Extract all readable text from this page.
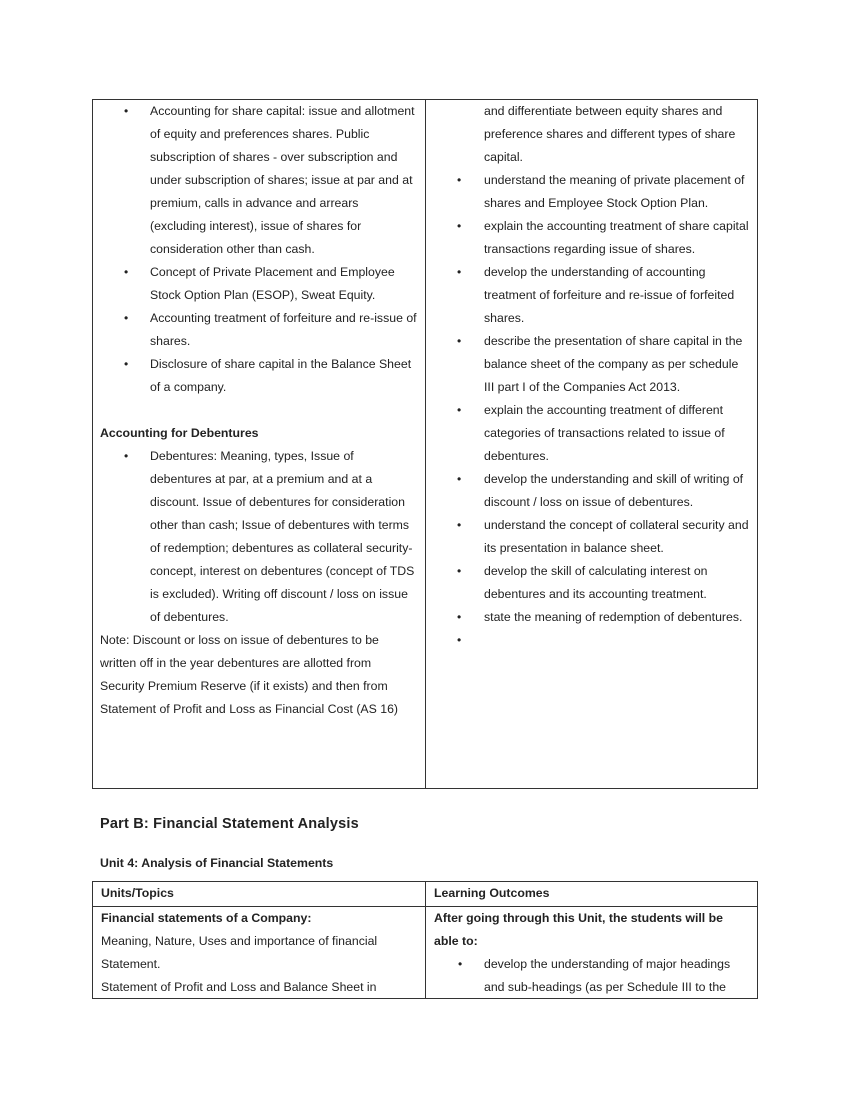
• Accounting for share capital: issue and allotment of equity and preferences shares. Public subscription of shares - over subscription and under subscription of shares; issue at par and at premium, calls in advance and arrears (excluding interest), issue of shares for consideration other than cash.
• Concept of Private Placement and Employee Stock Option Plan (ESOP), Sweat Equity.
• Accounting treatment of forfeiture and re-issue of shares.
• Disclosure of share capital in the Balance Sheet of a company.
Accounting for Debentures
• Debentures: Meaning, types, Issue of debentures at par, at a premium and at a discount. Issue of debentures for consideration other than cash; Issue of debentures with terms of redemption; debentures as collateral security-concept, interest on debentures (concept of TDS is excluded). Writing off discount / loss on issue of debentures.
Note: Discount or loss on issue of debentures to be written off in the year debentures are allotted from Security Premium Reserve (if it exists) and then from Statement of Profit and Loss as Financial Cost (AS 16)
and differentiate between equity shares and preference shares and different types of share capital.
• understand the meaning of private placement of shares and Employee Stock Option Plan.
• explain the accounting treatment of share capital transactions regarding issue of shares.
• develop the understanding of accounting treatment of forfeiture and re-issue of forfeited shares.
• describe the presentation of share capital in the balance sheet of the company as per schedule III part I of the Companies Act 2013.
• explain the accounting treatment of different categories of transactions related to issue of debentures.
• develop the understanding and skill of writing of discount / loss on issue of debentures.
• understand the concept of collateral security and its presentation in balance sheet.
• develop the skill of calculating interest on debentures and its accounting treatment.
• state the meaning of redemption of debentures.
Part B: Financial Statement Analysis
Unit 4: Analysis of Financial Statements
Units/Topics	Learning Outcomes
Financial statements of a Company:
Meaning, Nature, Uses and importance of financial Statement.
Statement of Profit and Loss and Balance Sheet in
After going through this Unit, the students will be able to:
• develop the understanding of major headings and sub-headings (as per Schedule III to the
